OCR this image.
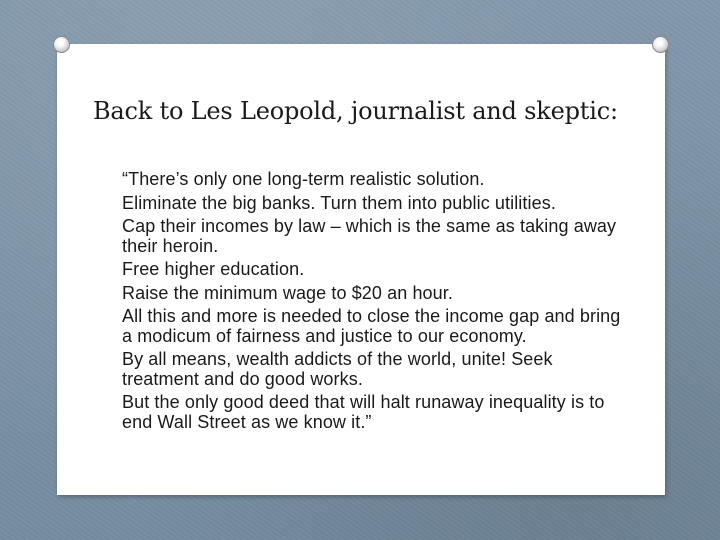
Back to Les Leopold, journalist and skeptic:
“There’s only one long-term realistic solution.
Eliminate the big banks. Turn them into public utilities.
Cap their incomes by law – which is the same as taking away their heroin.
Free higher education.
Raise the minimum wage to $20 an hour.
All this and more is needed to close the income gap and bring a modicum of fairness and justice to our economy.
By all means, wealth addicts of the world, unite! Seek treatment and do good works.
But the only good deed that will halt runaway inequality is to end Wall Street as we know it.”
